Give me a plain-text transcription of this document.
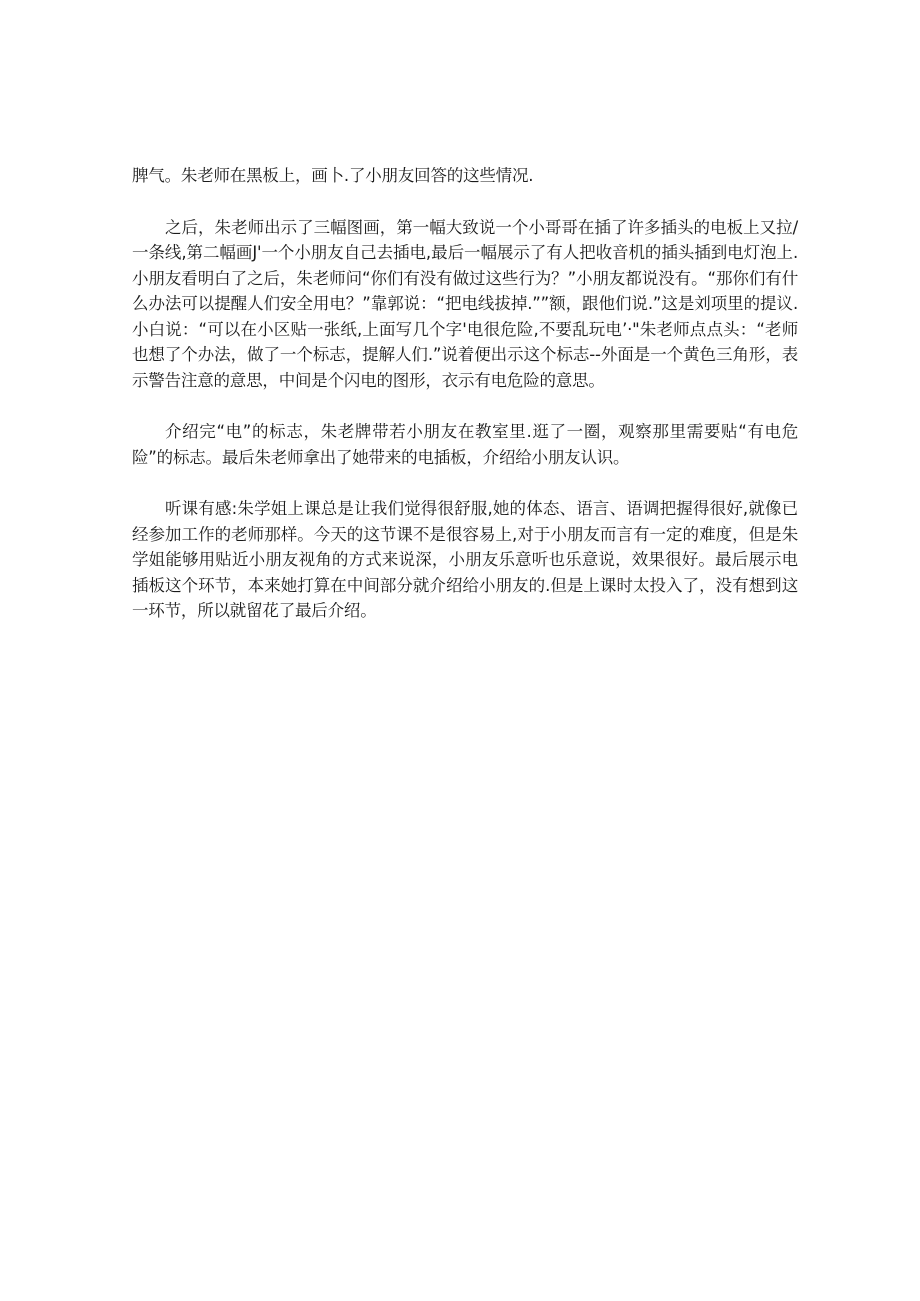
脾气。朱老师在黑板上，画卜.了小朋友回答的这些情况.

之后，朱老师出示了三幅图画，第一幅大致说一个小哥哥在插了许多插头的电板上又拉/一条线,第二幅画J'一个小朋友自己去插电,最后一幅展示了有人把收音机的插头插到电灯泡上.小朋友看明白了之后，朱老师问“你们有没有做过这些行为？”小朋友都说没有。“那你们有什么办法可以提醒人们安全用电？”靠郭说：“把电线拔掉.””额，跟他们说.”这是刘项里的提议.小白说：“可以在小区贴一张纸,上面写几个字'电很危险,不要乱玩电’·"朱老师点点头：“老师也想了个办法，做了一个标志，提解人们.”说着便出示这个标志--外面是一个黄色三角形，表示警告注意的意思，中间是个闪电的图形，衣示有电危险的意思。

介绍完“电”的标志，朱老牌带若小朋友在教室里.逛了一圈，观察那里需要贴“有电危险”的标志。最后朱老师拿出了她带来的电插板，介绍给小朋友认识。

听课有感:朱学姐上课总是让我们觉得很舒服,她的体态、语言、语调把握得很好,就像已经参加工作的老师那样。今天的这节课不是很容易上,对于小朋友而言有一定的难度，但是朱学姐能够用贴近小朋友视角的方式来说深，小朋友乐意听也乐意说，效果很好。最后展示电插板这个环节，本来她打算在中间部分就介绍给小朋友的.但是上课时太投入了，没有想到这一环节，所以就留花了最后介绍。
